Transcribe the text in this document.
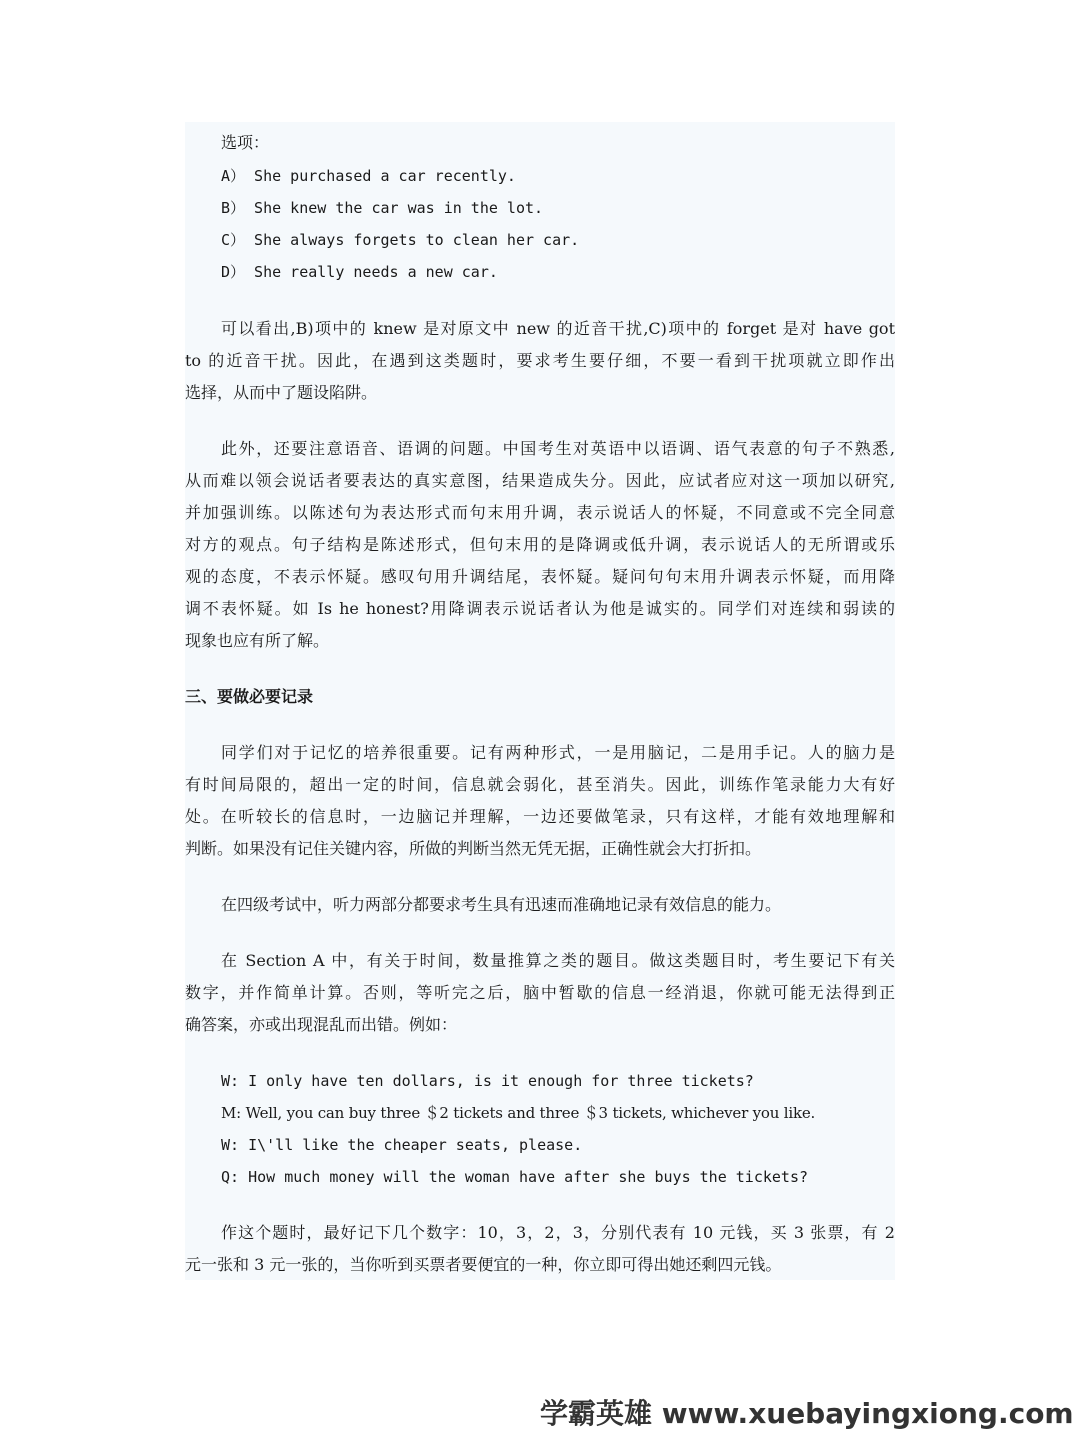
选项：
A） She purchased a car recently.
B） She knew the car was in the lot.
C） She always forgets to clean her car.
D） She really needs a new car.
可以看出,B)项中的 knew 是对原文中 new 的近音干扰,C)项中的 forget 是对 have got
to 的近音干扰。因此，在遇到这类题时，要求考生要仔细，不要一看到干扰项就立即作出
选择，从而中了题设陷阱。
此外，还要注意语音、语调的问题。中国考生对英语中以语调、语气表意的句子不熟悉,
从而难以领会说话者要表达的真实意图，结果造成失分。因此，应试者应对这一项加以研究,
并加强训练。以陈述句为表达形式而句末用升调，表示说话人的怀疑，不同意或不完全同意
对方的观点。句子结构是陈述形式，但句末用的是降调或低升调，表示说话人的无所谓或乐
观的态度，不表示怀疑。感叹句用升调结尾，表怀疑。疑问句句末用升调表示怀疑，而用降
调不表怀疑。如 Is he honest?用降调表示说话者认为他是诚实的。同学们对连续和弱读的
现象也应有所了解。
三、要做必要记录
同学们对于记忆的培养很重要。记有两种形式，一是用脑记，二是用手记。人的脑力是
有时间局限的，超出一定的时间，信息就会弱化，甚至消失。因此，训练作笔录能力大有好
处。在听较长的信息时，一边脑记并理解，一边还要做笔录，只有这样，才能有效地理解和
判断。如果没有记住关键内容，所做的判断当然无凭无据，正确性就会大打折扣。
在四级考试中，听力两部分都要求考生具有迅速而准确地记录有效信息的能力。
在 Section A 中，有关于时间，数量推算之类的题目。做这类题目时，考生要记下有关
数字，并作简单计算。否则，等听完之后，脑中暂歇的信息一经消退，你就可能无法得到正
确答案，亦或出现混乱而出错。例如：
W: I only have ten dollars, is it enough for three tickets?
M: Well, you can buy three ＄2 tickets and three ＄3 tickets, whichever you like.
W: I\'ll like the cheaper seats, please.
Q: How much money will the woman have after she buys the tickets?
作这个题时，最好记下几个数字：10，3，2，3，分别代表有 10 元钱，买 3 张票，有 2
元一张和 3 元一张的，当你听到买票者要便宜的一种，你立即可得出她还剩四元钱。
学霸英雄 www.xuebayingxiong.com
